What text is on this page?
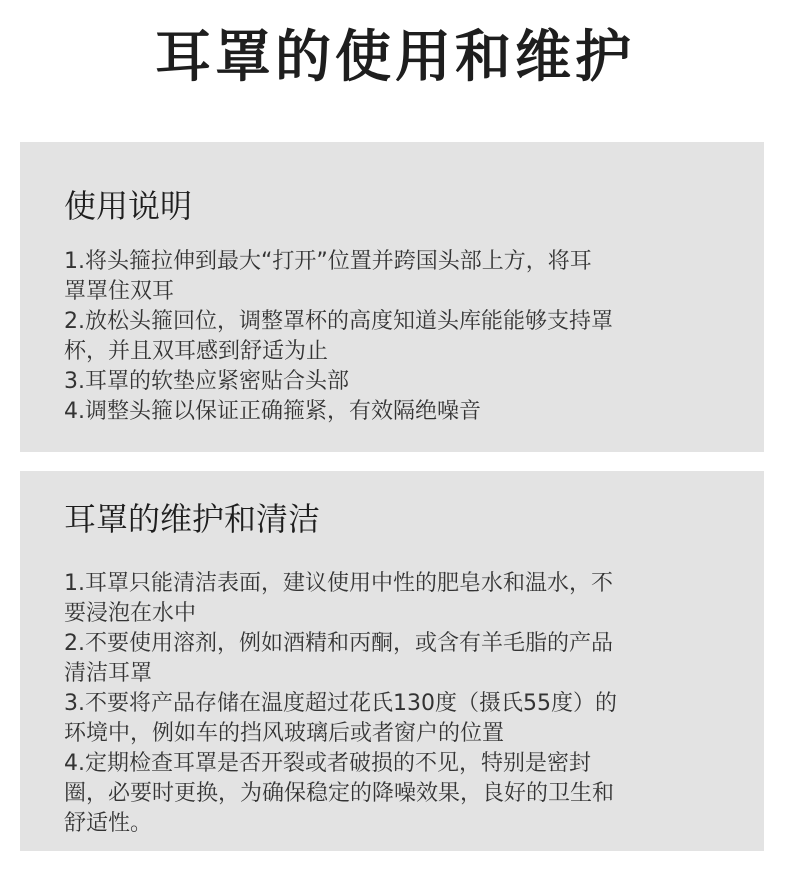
耳罩的使用和维护
使用说明
1.将头箍拉伸到最大“打开”位置并跨国头部上方，将耳
罩罩住双耳
2.放松头箍回位，调整罩杯的高度知道头库能能够支持罩
杯，并且双耳感到舒适为止
3.耳罩的软垫应紧密贴合头部
4.调整头箍以保证正确箍紧，有效隔绝噪音
耳罩的维护和清洁
1.耳罩只能清洁表面，建议使用中性的肥皂水和温水，不
要浸泡在水中
2.不要使用溶剂，例如酒精和丙酮，或含有羊毛脂的产品
清洁耳罩
3.不要将产品存储在温度超过花氏130度（摄氏55度）的
环境中，例如车的挡风玻璃后或者窗户的位置
4.定期检查耳罩是否开裂或者破损的不见，特别是密封
圈，必要时更换，为确保稳定的降噪效果，良好的卫生和
舒适性。
